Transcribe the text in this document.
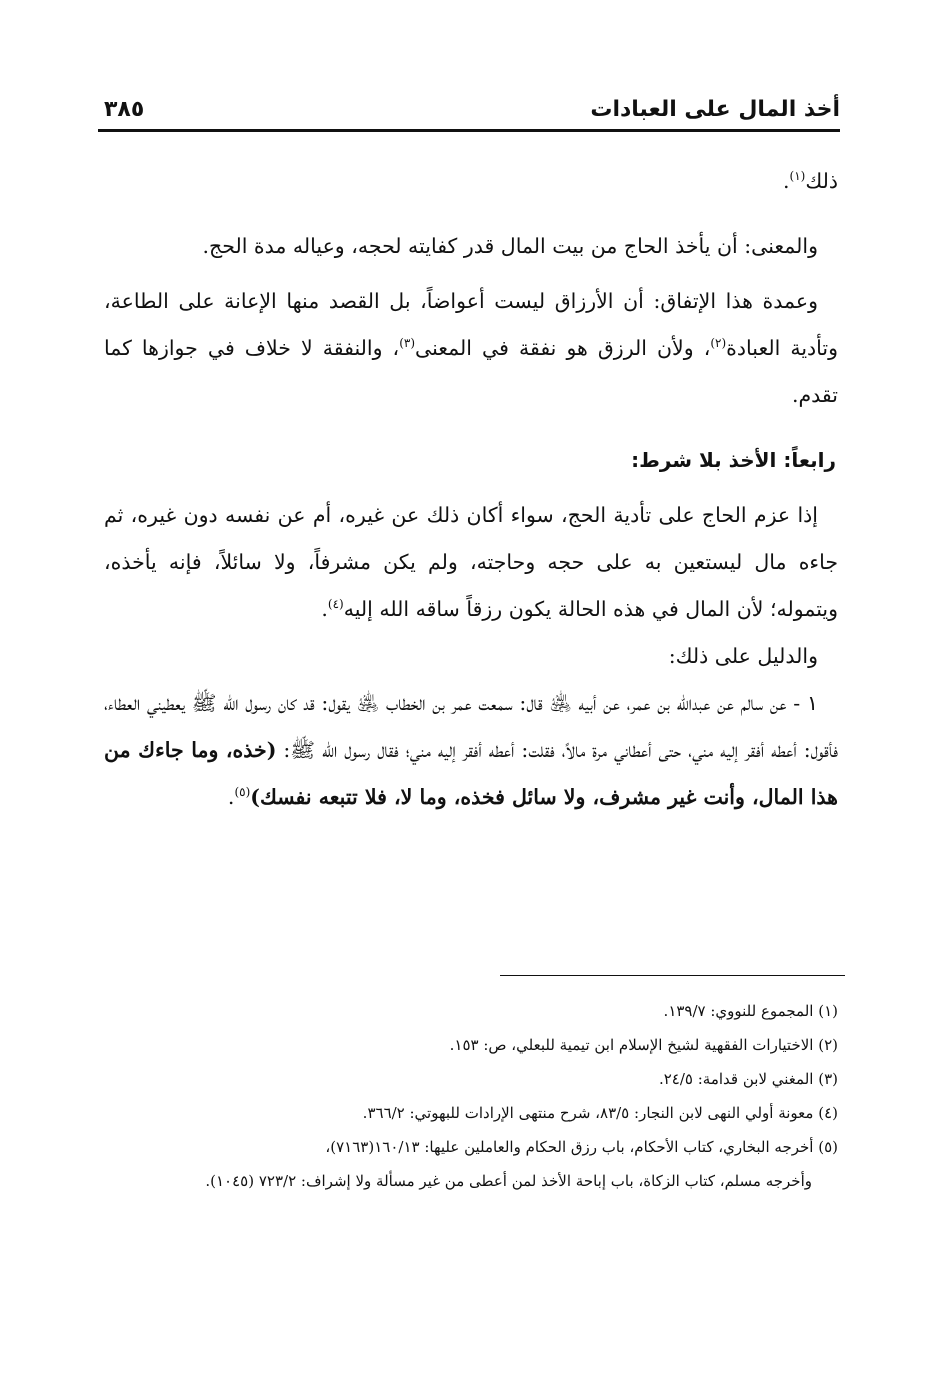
أخذ المال على العبادات
٣٨٥

ذلك$^{(١)}$.

والمعنى: أن يأخذ الحاج من بيت المال قدر كفايته لحجه، وعياله مدة الحج.

وعمدة هذا الإتفاق: أن الأرزاق ليست أعواضاً، بل القصد منها الإعانة على الطاعة، وتأدية العبادة$^{(٢)}$، ولأن الرزق هو نفقة في المعنى$^{(٣)}$، والنفقة لا خلاف في جوازها كما تقدم.

رابعاً: الأخذ بلا شرط:

إذا عزم الحاج على تأدية الحج، سواء أكان ذلك عن غيره، أم عن نفسه دون غيره، ثم جاءه مال ليستعين به على حجه وحاجته، ولم يكن مشرفاً، ولا سائلاً، فإنه يأخذه، ويتموله؛ لأن المال في هذه الحالة يكون رزقاً ساقه الله إليه$^{(٤)}$.

والدليل على ذلك:

١ - عن سالم عن عبدالله بن عمر، عن أبيه ﵁ قال: سمعت عمر بن الخطاب ﵁ يقول: قد كان رسول الله ﷺ يعطيني العطاء، فأقول: أعطه أفقر إليه مني، حتى أعطاني مرة مالاً، فقلت: أعطه أفقر إليه مني؛ فقال رسول الله ﷺ: (خذه، وما جاءك من هذا المال، وأنت غير مشرف، ولا سائل فخذه، وما لا، فلا تتبعه نفسك)$^{(٥)}$.

(١) المجموع للنووي: ١٣٩/٧.

(٢) الاختيارات الفقهية لشيخ الإسلام ابن تيمية للبعلي، ص: ١٥٣.

(٣) المغني لابن قدامة: ٢٤/٥.

(٤) معونة أولي النهى لابن النجار: ٨٣/٥، شرح منتهى الإرادات للبهوتي: ٣٦٦/٢.

(٥) أخرجه البخاري، كتاب الأحكام، باب رزق الحكام والعاملين عليها: ١٦٠/١٣(٧١٦٣)،

وأخرجه مسلم، كتاب الزكاة، باب إباحة الأخذ لمن أعطى من غير مسألة ولا إشراف: ٧٢٣/٢ (١٠٤٥).
